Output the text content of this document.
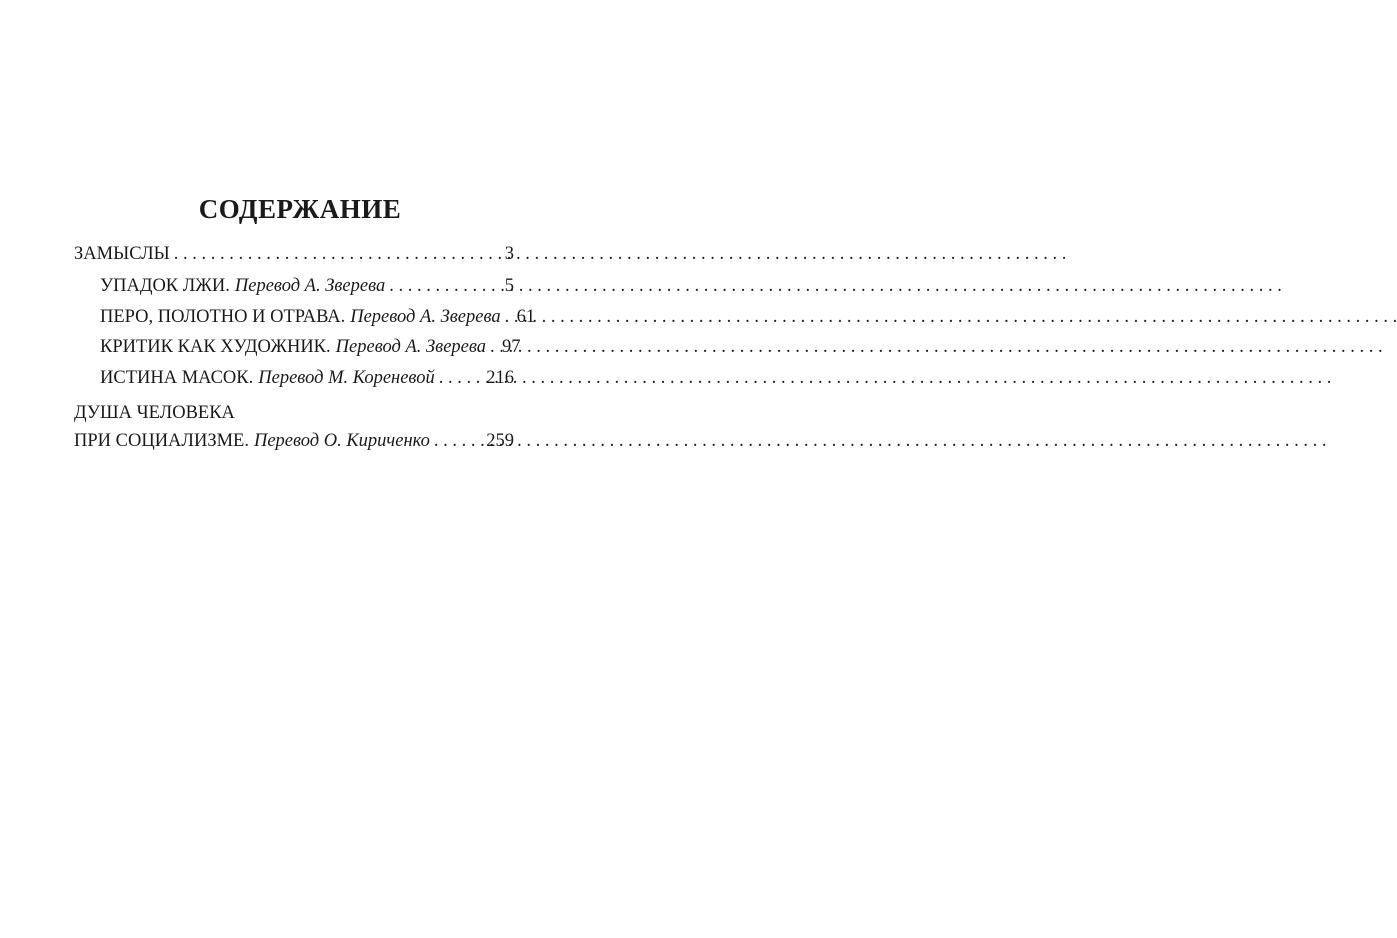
СОДЕРЖАНИЕ
ЗАМЫСЛЫ . . .	3
УПАДОК ЛЖИ. Перевод А. Зверева . . .	5
ПЕРО, ПОЛОТНО И ОТРАВА. Перевод А. Зверева . . . 61
КРИТИК КАК ХУДОЖНИК. Перевод А. Зверева . . . 97
ИСТИНА МАСОК. Перевод М. Кореневой . . .	216
ДУША ЧЕЛОВЕКА
ПРИ СОЦИАЛИЗМЕ. Перевод О. Кириченко . . .	259
